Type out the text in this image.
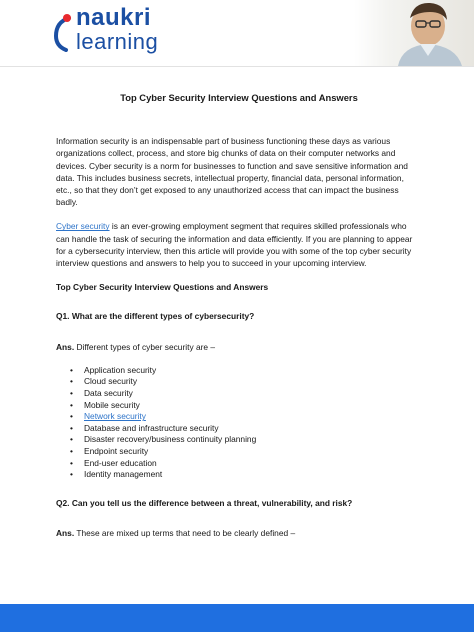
naukri
learning
Top Cyber Security Interview Questions and Answers

Information security is an indispensable part of business functioning these days as various organizations collect, process, and store big chunks of data on their computer networks and devices. Cyber security is a norm for businesses to function and save sensitive information and data. This includes business secrets, intellectual property, financial data, personal information, etc., so that they don’t get exposed to any unauthorized access that can impact the business badly.

Cyber security is an ever-growing employment segment that requires skilled professionals who can handle the task of securing the information and data efficiently. If you are planning to appear for a cybersecurity interview, then this article will provide you with some of the top cyber security interview questions and answers to help you to succeed in your upcoming interview.

Top Cyber Security Interview Questions and Answers
Q1. What are the different types of cybersecurity?

Ans. Different types of cyber security are –

• Application security
• Cloud security
• Data security
• Mobile security
• Network security
• Database and infrastructure security
• Disaster recovery/business continuity planning
• Endpoint security
• End-user education
• Identity management
Q2. Can you tell us the difference between a threat, vulnerability, and risk?

Ans. These are mixed up terms that need to be clearly defined –
